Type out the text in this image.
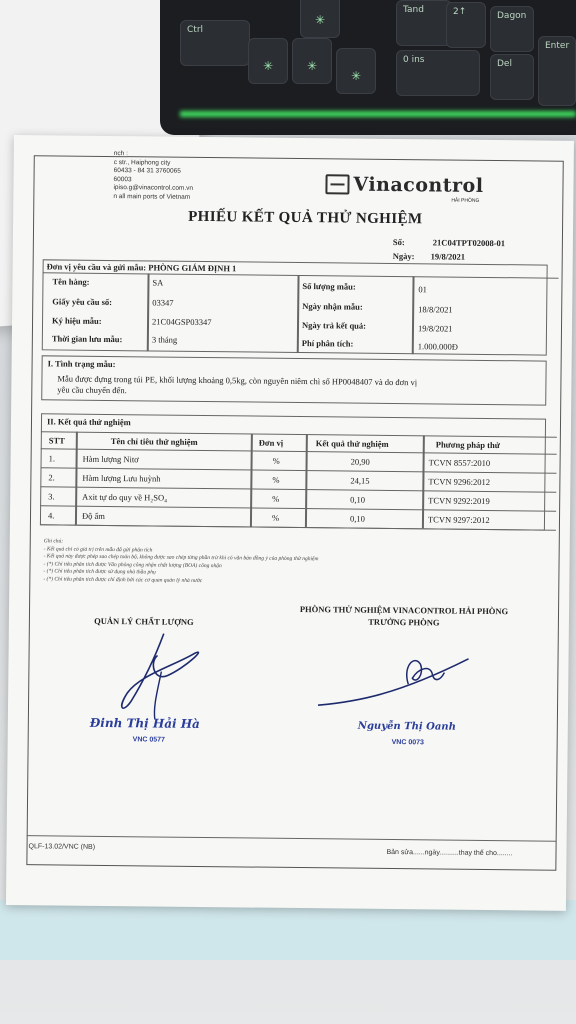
Ctrl
✳	✳
✳
✳
Tand	2↑	Dagon
0 ins	Del
Enter
nch :
c str., Haiphong city
60433 - 84 31 3760065
60003
ipiso.g@vinacontrol.com.vn
n all main ports of Vietnam	Vinacontrol
HẢI PHÒNG
PHIẾU KẾT QUẢ THỬ NGHIỆM
Số:	21C04TPT02008-01
Ngày: 19/8/2021
Đơn vị yêu cầu và gửi mẫu: PHÒNG GIÁM ĐỊNH 1
Tên hàng:	SA	Số lượng mẫu:	01
Giấy yêu cầu số:	03347	Ngày nhận mẫu:	18/8/2021
Ký hiệu mẫu:	21C04GSP03347	Ngày trả kết quả:	19/8/2021
Thời gian lưu mẫu:	3 tháng	Phí phân tích:	1.000.000Đ
I. Tình trạng mẫu:
Mẫu được đựng trong túi PE, khối lượng khoảng 0,5kg, còn nguyên niêm chì số HP0048407 và do đơn vị
yêu cầu chuyển đến.
II. Kết quả thử nghiệm
STT	Tên chỉ tiêu thử nghiệm	Đơn vị	Kết quả thử nghiệm	Phương pháp thử
1.	Hàm lượng Nitơ	%	20,90	TCVN 8557:2010
2.	Hàm lượng Lưu huỳnh	%	24,15	TCVN 9296:2012
3.	Axit tự do quy về H₂SO₄	%	0,10	TCVN 9292:2019
4.	Độ ẩm	%	0,10	TCVN 9297:2012
Ghi chú:
- Kết quả chỉ có giá trị trên mẫu đã gửi phân tích
- Kết quả này được phép sao chép toàn bộ, không được sao chép từng phần trừ khi có văn bản đồng ý của phòng thử nghiệm
- (*) Chỉ tiêu phân tích được Văn phòng công nhận chất lượng (BOA) công nhận
- (*) Chỉ tiêu phân tích được sử dụng nhà thầu phụ
- (*) Chỉ tiêu phân tích được chỉ định bởi các cơ quan quản lý nhà nước
QUẢN LÝ CHẤT LƯỢNG
PHÒNG THỬ NGHIỆM VINACONTROL HẢI PHÒNG
TRƯỞNG PHÒNG
Đinh Thị Hải Hà
VNC 0577
Nguyễn Thị Oanh
VNC 0073
QLF-13.02/VNC (NB)
Bản sửa......ngày..........thay thế cho........
